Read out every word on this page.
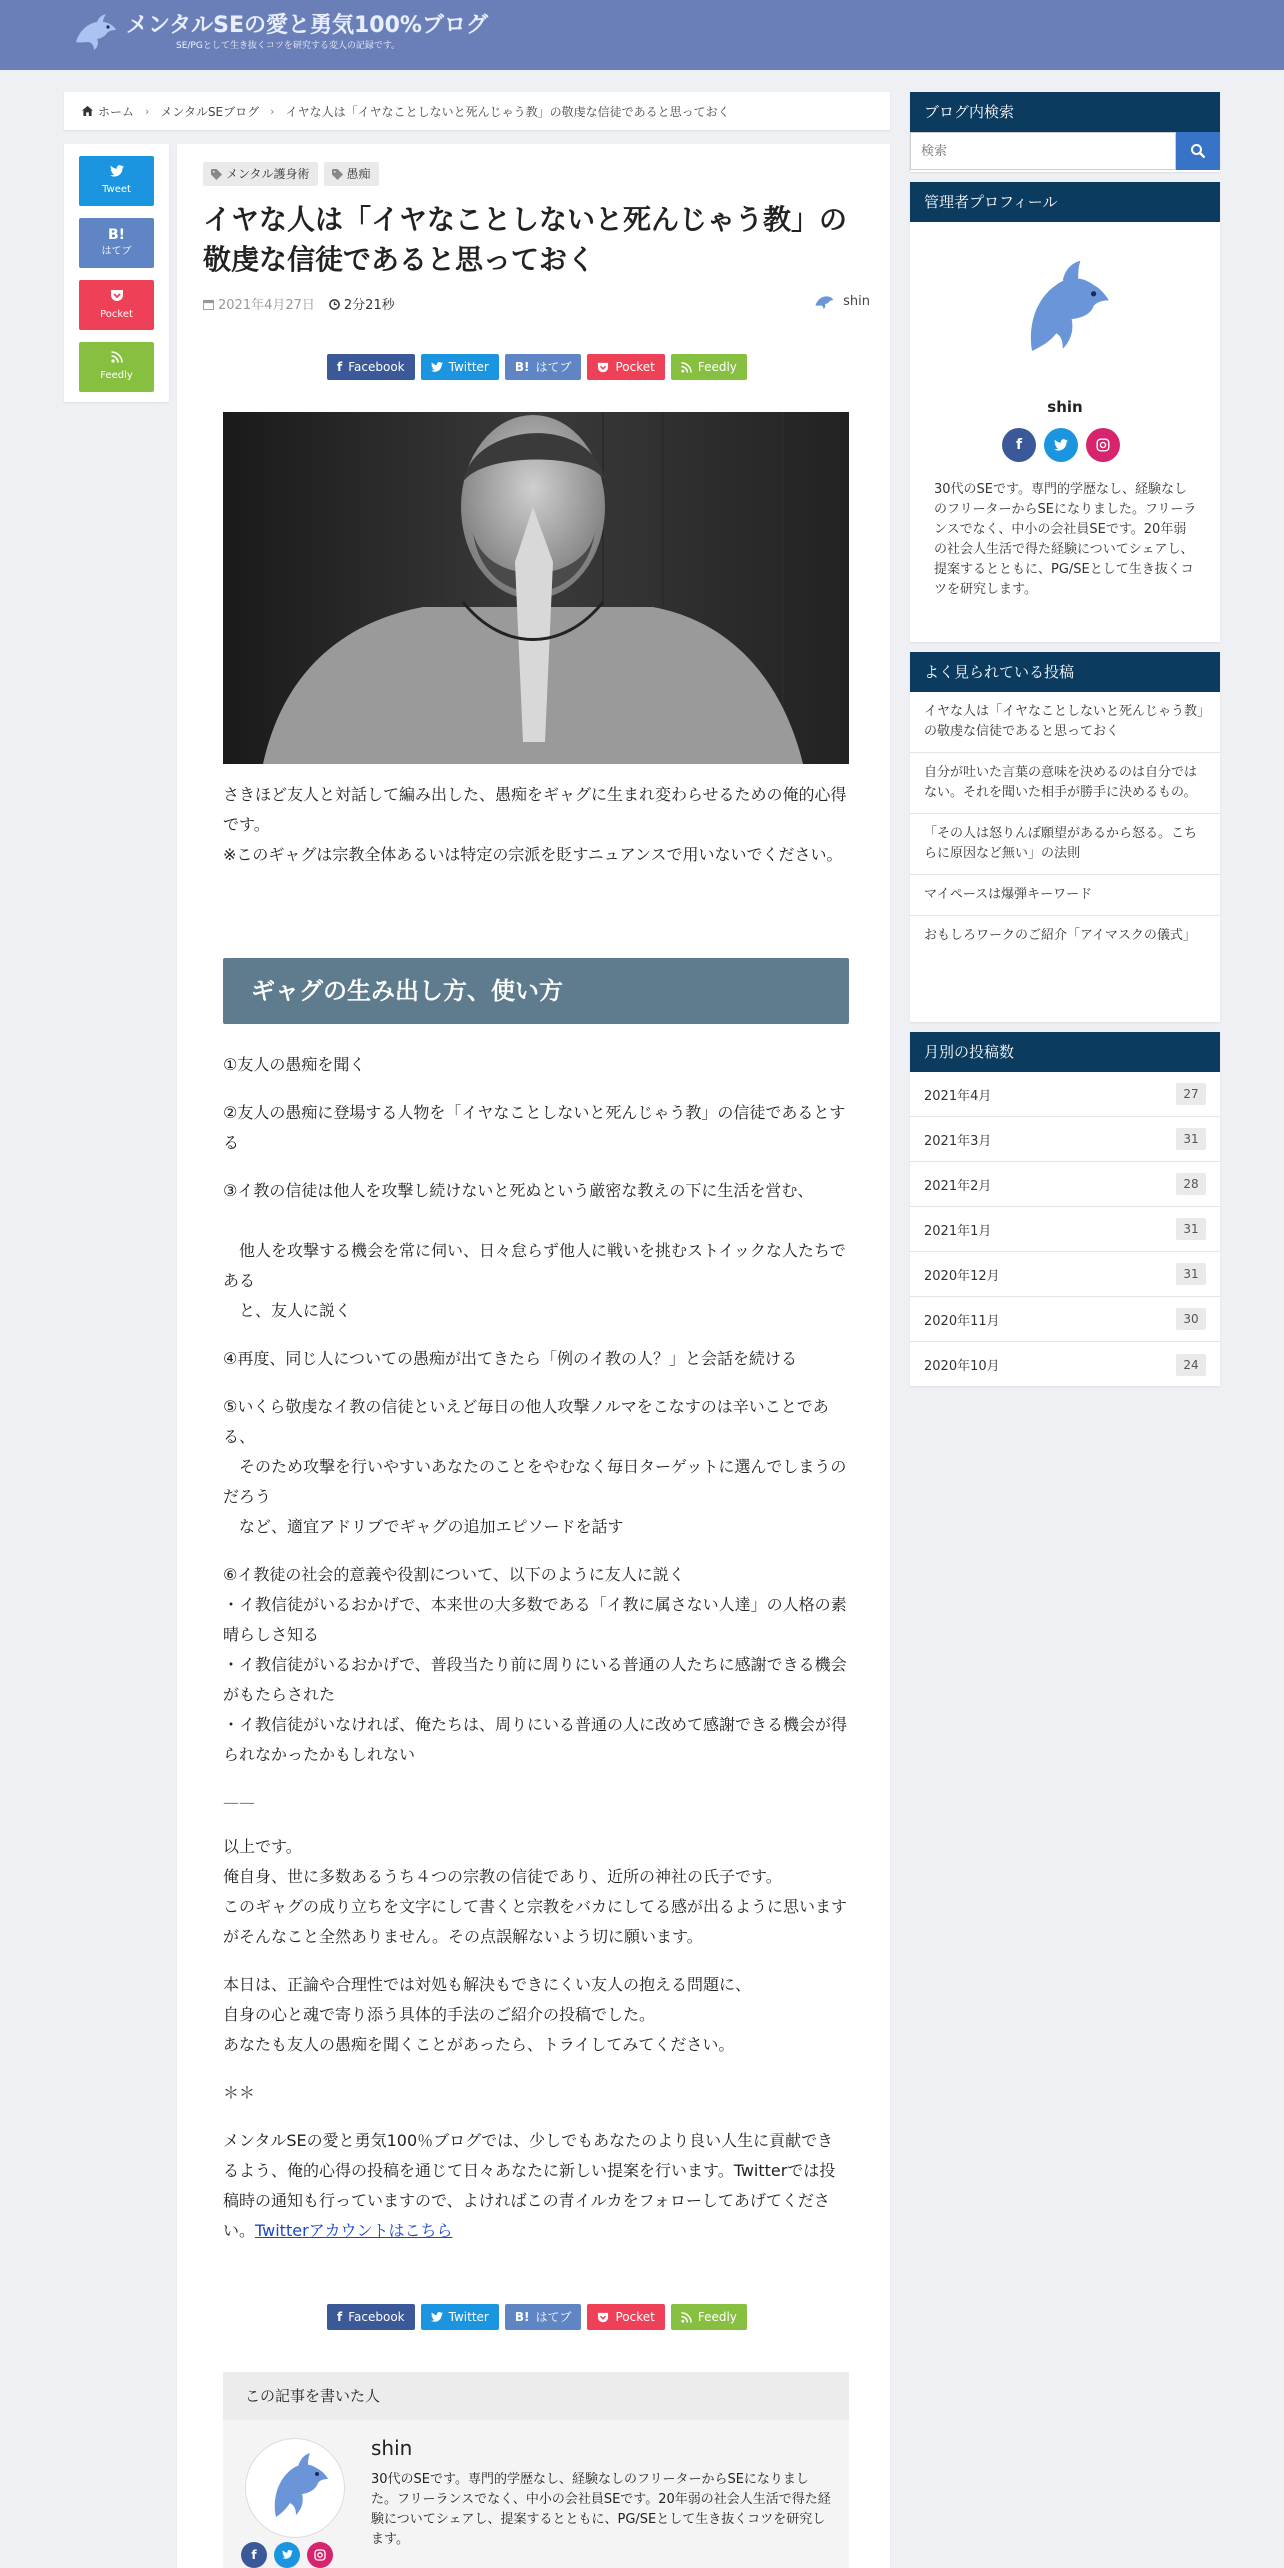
メンタルSEの愛と勇気100%ブログ
SE/PGとして生き抜くコツを研究する変人の記録です。
ホーム › メンタルSEブログ › イヤな人は「イヤなことしないと死んじゃう教」の敬虔な信徒であると思っておく
Tweet
B!
はてブ
Pocket
Feedly
メンタル護身術	愚痴
イヤな人は「イヤなことしないと死んじゃう教」の敬虔な信徒であると思っておく
2021年4月27日	2分21秒	shin
f Facebook	Twitter B! はてブ	Pocket	Feedly
さきほど友人と対話して編み出した、愚痴をギャグに生まれ変わらせるための俺的心得です。
※このギャグは宗教全体あるいは特定の宗派を貶すニュアンスで用いないでください。
ギャグの生み出し方、使い方
①友人の愚痴を聞く
②友人の愚痴に登場する人物を「イヤなことしないと死んじゃう教」の信徒であるとする
③イ教の信徒は他人を攻撃し続けないと死ぬという厳密な教えの下に生活を営む、
　他人を攻撃する機会を常に伺い、日々怠らず他人に戦いを挑むストイックな人たちである
　と、友人に説く
④再度、同じ人についての愚痴が出てきたら「例のイ教の人？」と会話を続ける
⑤いくら敬虔なイ教の信徒といえど毎日の他人攻撃ノルマをこなすのは辛いことである、
　そのため攻撃を行いやすいあなたのことをやむなく毎日ターゲットに選んでしまうのだろう
　など、適宜アドリブでギャグの追加エピソードを話す
⑥イ教徒の社会的意義や役割について、以下のように友人に説く
・イ教信徒がいるおかげで、本来世の大多数である「イ教に属さない人達」の人格の素晴らしさ知る
・イ教信徒がいるおかげで、普段当たり前に周りにいる普通の人たちに感謝できる機会がもたらされた
・イ教信徒がいなければ、俺たちは、周りにいる普通の人に改めて感謝できる機会が得られなかったかもしれない
——
以上です。
俺自身、世に多数あるうち４つの宗教の信徒であり、近所の神社の氏子です。
このギャグの成り立ちを文字にして書くと宗教をバカにしてる感が出るように思いますがそんなこと全然ありません。その点誤解ないよう切に願います。
本日は、正論や合理性では対処も解決もできにくい友人の抱える問題に、
自身の心と魂で寄り添う具体的手法のご紹介の投稿でした。
あなたも友人の愚痴を聞くことがあったら、トライしてみてください。
＊＊
メンタルSEの愛と勇気100％ブログでは、少しでもあなたのより良い人生に貢献できるよう、俺的心得の投稿を通じて日々あなたに新しい提案を行います。Twitterでは投稿時の通知も行っていますので、よければこの青イルカをフォローしてあげてください。Twitterアカウントはこちら
f Facebook	Twitter B! はてブ	Pocket	Feedly
この記事を書いた人
shin
30代のSEです。専門的学歴なし、経験なしのフリーターからSEになりました。フリーランスでなく、中小の会社員SEです。20年弱の社会人生活で得た経験についてシェアし、提案するとともに、PG/SEとして生き抜くコツを研究します。
f
ブログ内検索
検索
管理者プロフィール
shin
f
30代のSEです。専門的学歴なし、経験なしのフリーターからSEになりました。フリーランスでなく、中小の会社員SEです。20年弱の社会人生活で得た経験についてシェアし、提案するとともに、PG/SEとして生き抜くコツを研究します。
よく見られている投稿
イヤな人は「イヤなことしないと死んじゃう教」の敬虔な信徒であると思っておく
自分が吐いた言葉の意味を決めるのは自分ではない。それを聞いた相手が勝手に決めるもの。
「その人は怒りんぼ願望があるから怒る。こちらに原因など無い」の法則
マイペースは爆弾キーワード
おもしろワークのご紹介「アイマスクの儀式」
月別の投稿数
2021年4月	27
2021年3月	31
2021年2月	28
2021年1月	31
2020年12月	31
2020年11月	30
2020年10月	24
